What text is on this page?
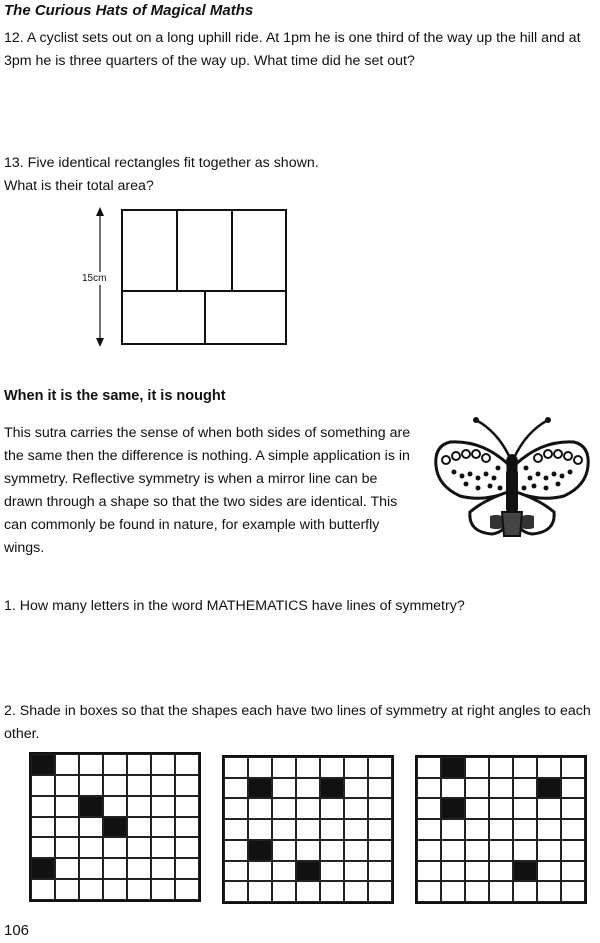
The Curious Hats of Magical Maths
12. A cyclist sets out on a long uphill ride. At 1pm he is one third of the way up the hill and at 3pm he is three quarters of the way up. What time did he set out?
13. Five identical rectangles fit together as shown.
What is their total area?
15cm
When it is the same, it is nought
This sutra carries the sense of when both sides of something are the same then the difference is nothing. A simple application is in symmetry. Reflective symmetry is when a mirror line can be drawn through a shape so that the two sides are identical. This can commonly be found in nature, for example with butterfly wings.
1. How many letters in the word MATHEMATICS have lines of symmetry?
2. Shade in boxes so that the shapes each have two lines of symmetry at right angles to each other.
106
